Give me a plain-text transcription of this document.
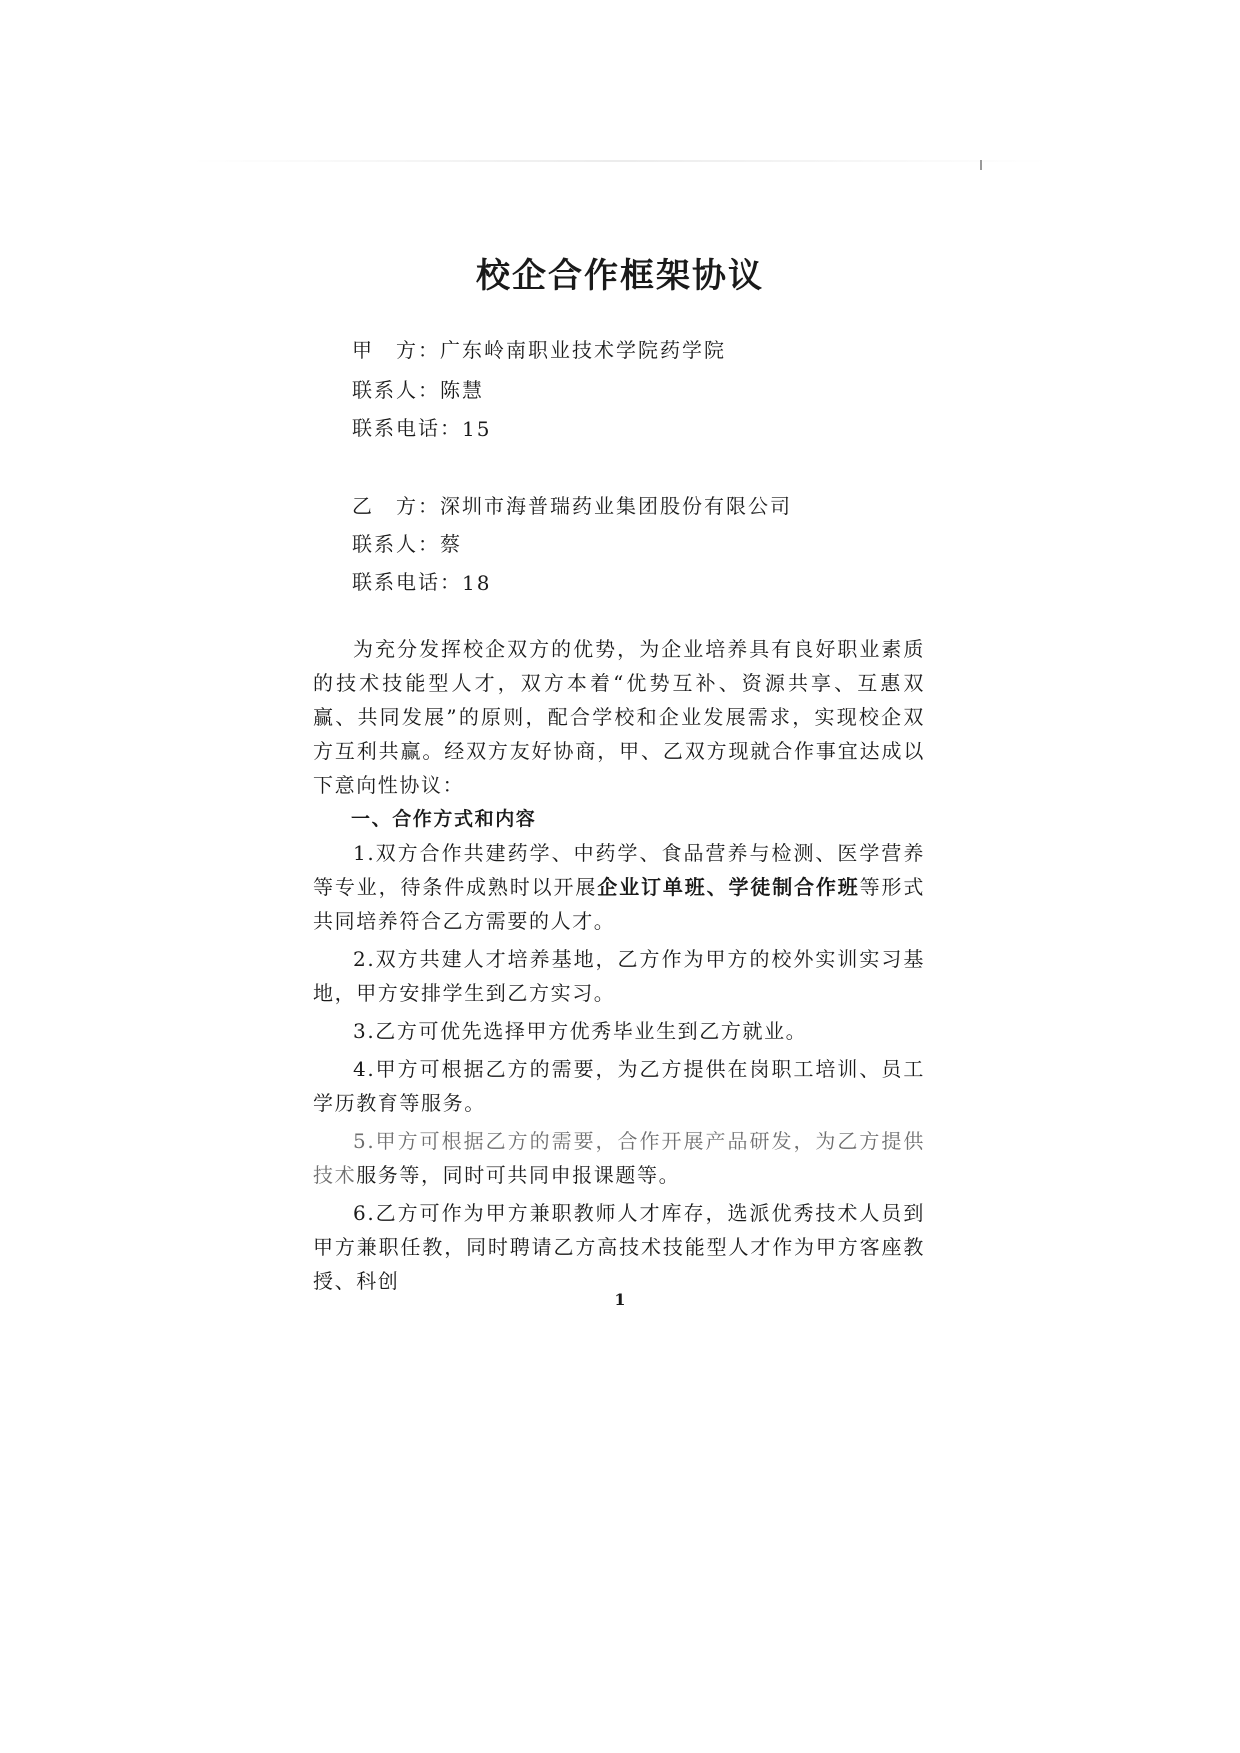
校企合作框架协议
甲　方：广东岭南职业技术学院药学院
联系人：陈慧
联系电话：15
乙　方：深圳市海普瑞药业集团股份有限公司
联系人：蔡
联系电话：18

为充分发挥校企双方的优势，为企业培养具有良好职业素质的技术技能型人才，双方本着“优势互补、资源共享、互惠双赢、共同发展”的原则，配合学校和企业发展需求，实现校企双方互利共赢。经双方友好协商，甲、乙双方现就合作事宜达成以下意向性协议：

一、合作方式和内容

1.双方合作共建药学、中药学、食品营养与检测、医学营养等专业，待条件成熟时以开展企业订单班、学徒制合作班等形式共同培养符合乙方需要的人才。

2.双方共建人才培养基地，乙方作为甲方的校外实训实习基地，甲方安排学生到乙方实习。

3.乙方可优先选择甲方优秀毕业生到乙方就业。

4.甲方可根据乙方的需要，为乙方提供在岗职工培训、员工学历教育等服务。

5.甲方可根据乙方的需要，合作开展产品研发，为乙方提供技术服务等，同时可共同申报课题等。

6.乙方可作为甲方兼职教师人才库存，选派优秀技术人员到甲方兼职任教，同时聘请乙方高技术技能型人才作为甲方客座教授、科创

1
